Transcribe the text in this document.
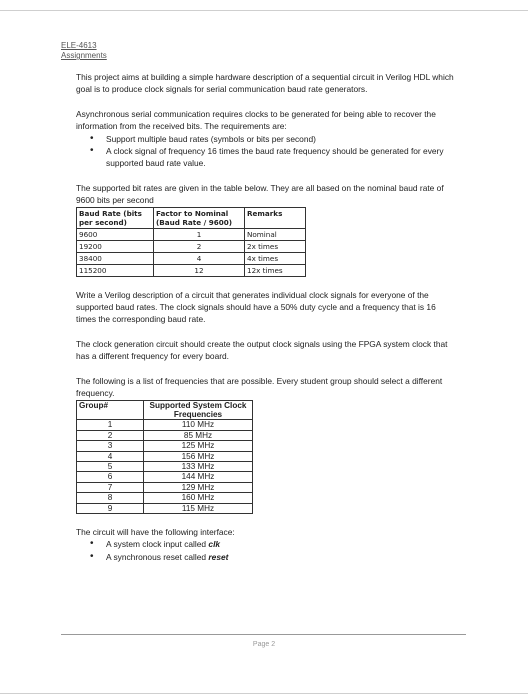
ELE-4613
Assignments

This project aims at building a simple hardware description of a sequential circuit in Verilog HDL which goal is to produce clock signals for serial communication baud rate generators.

Asynchronous serial communication requires clocks to be generated for being able to recover the information from the received bits. The requirements are:

• Support multiple baud rates (symbols or bits per second)
• A clock signal of frequency 16 times the baud rate frequency should be generated for every supported baud rate value.

The supported bit rates are given in the table below. They are all based on the nominal baud rate of 9600 bits per second

Baud Rate (bits per second)	Factor to Nominal (Baud Rate / 9600)	Remarks
9600	1	Nominal
19200	2	2x times
38400	4	4x times
115200	12	12x times

Write a Verilog description of a circuit that generates individual clock signals for everyone of the supported baud rates. The clock signals should have a 50% duty cycle and a frequency that is 16 times the corresponding baud rate.

The clock generation circuit should create the output clock signals using the FPGA system clock that has a different frequency for every board.

The following is a list of frequencies that are possible. Every student group should select a different frequency.

Group#	Supported System Clock Frequencies
1	110 MHz
2	85 MHz
3	125 MHz
4	156 MHz
5	133 MHz
6	144 MHz
7	129 MHz
8	160 MHz
9	115 MHz

The circuit will have the following interface:

• A system clock input called clk
• A synchronous reset called reset
Page 2
